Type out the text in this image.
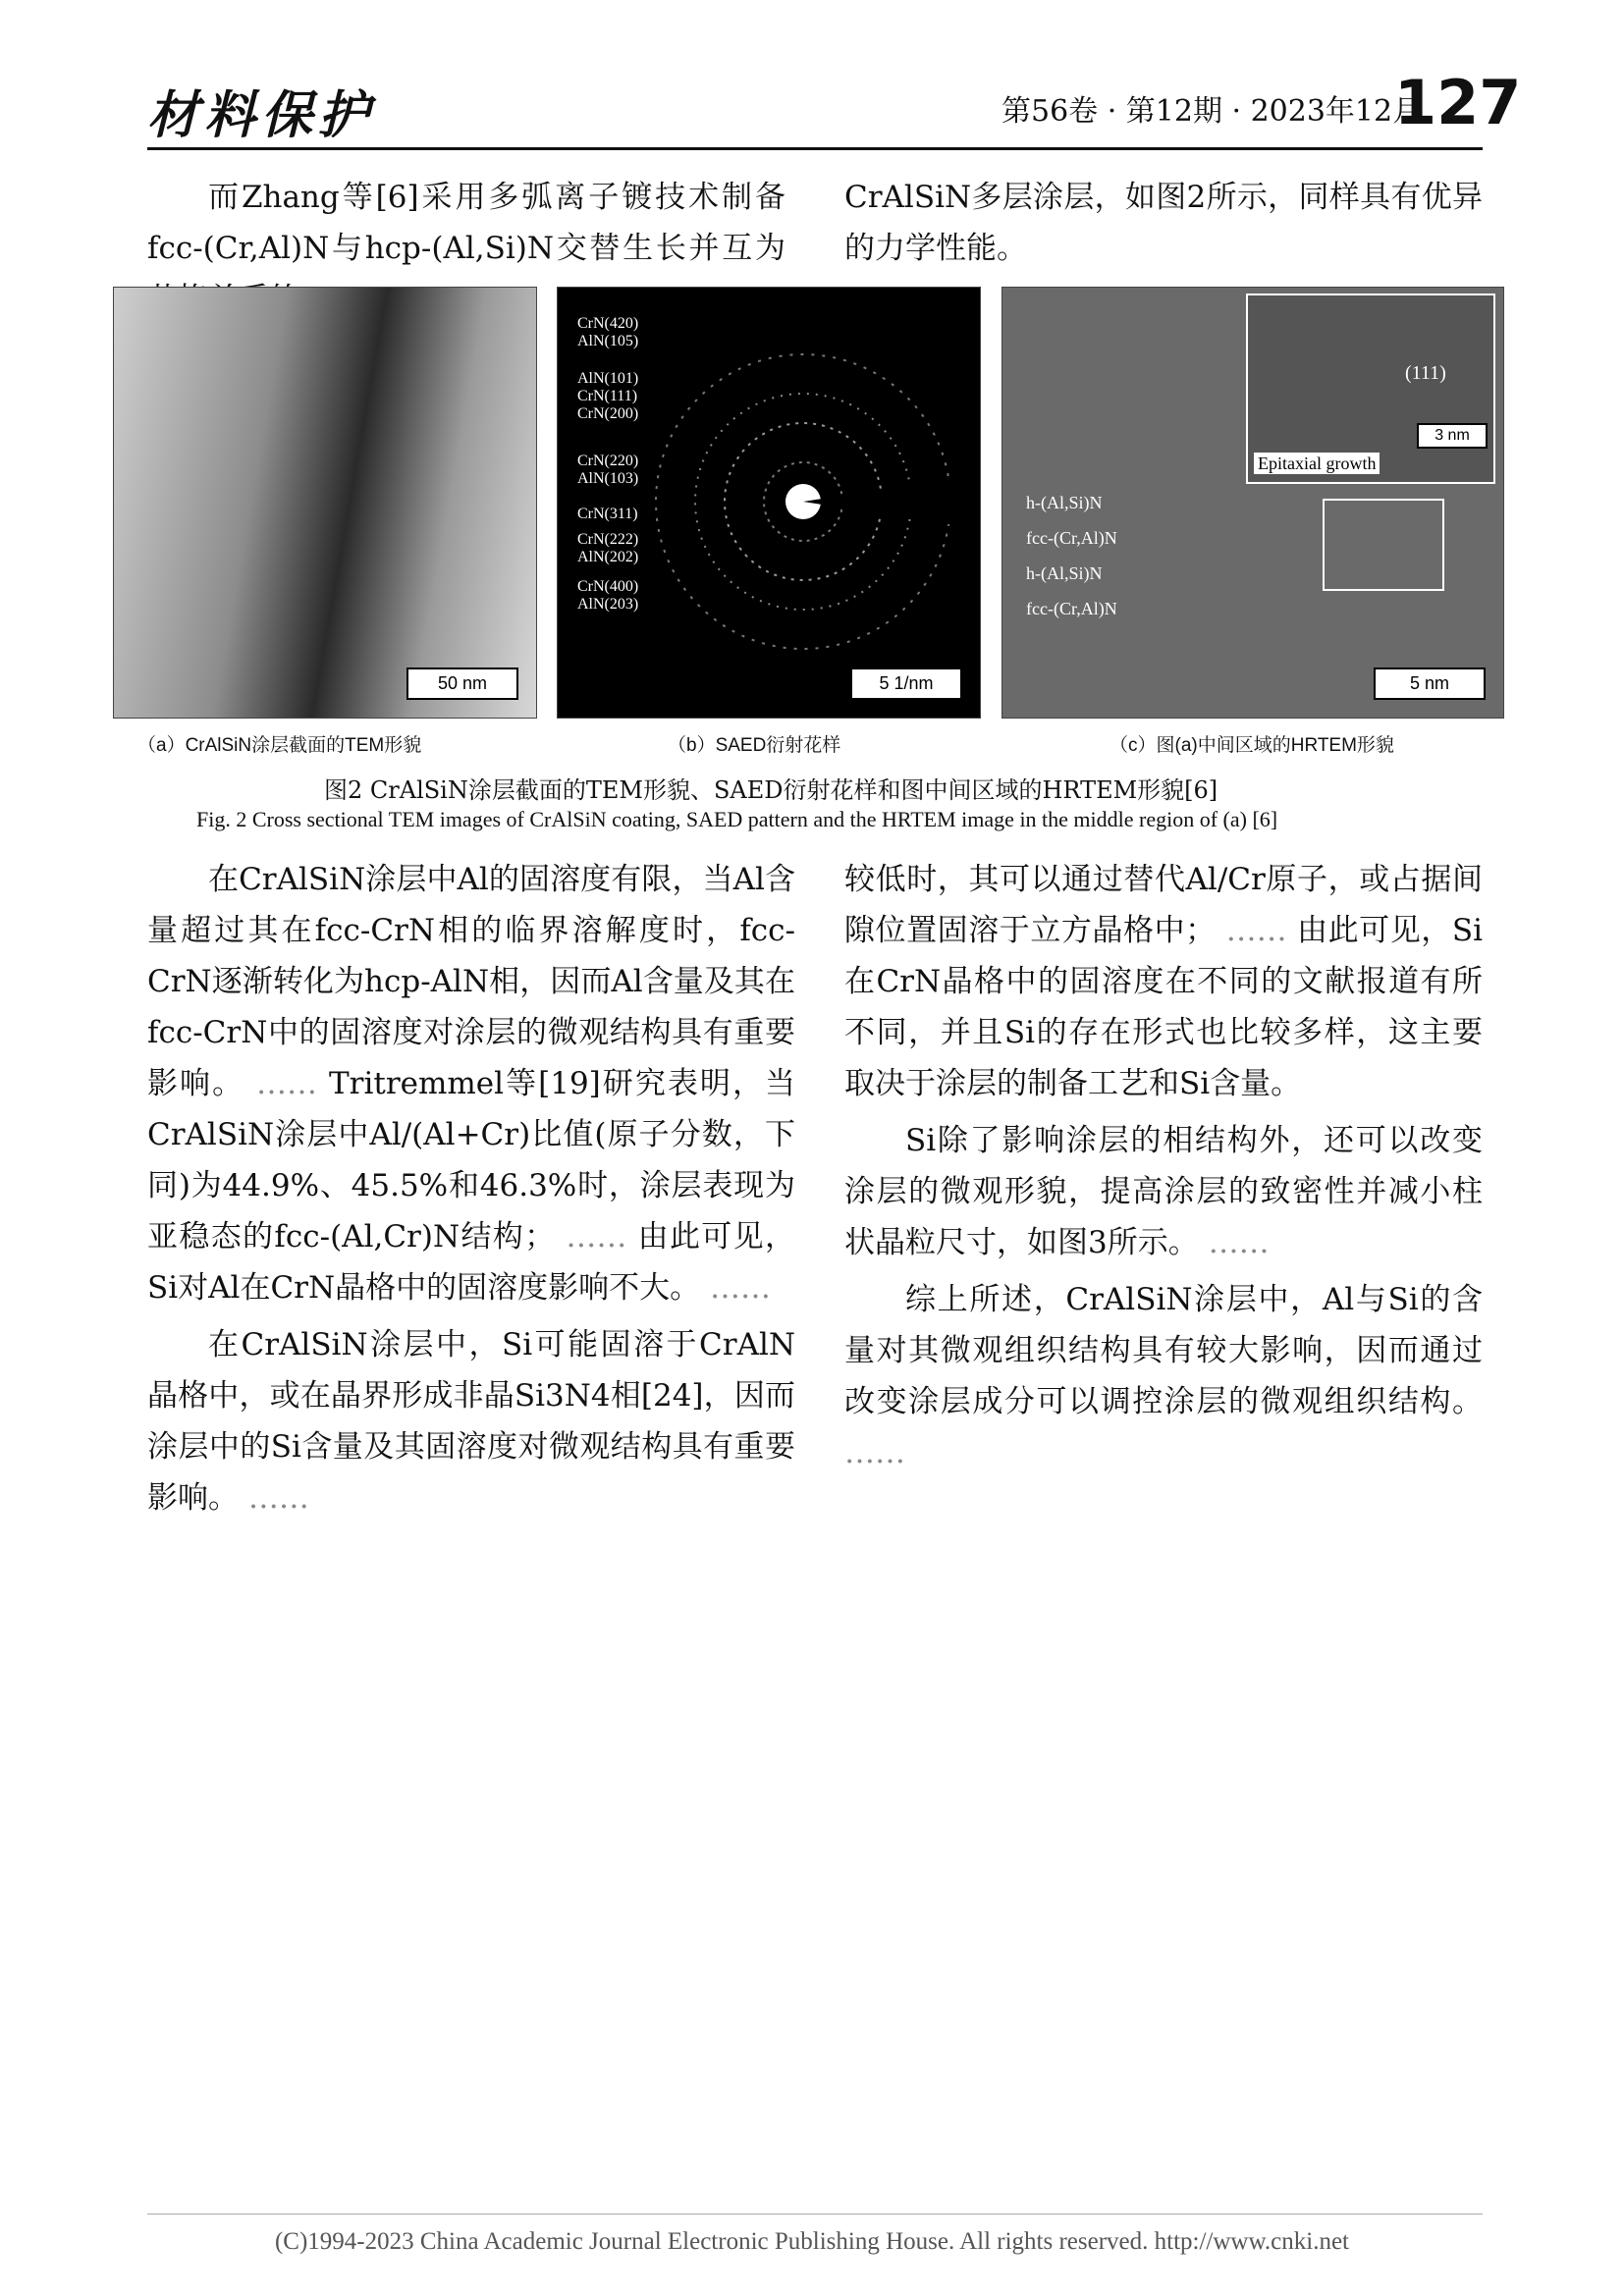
材料保护	第56卷 · 第12期 · 2023年12月
127
而Zhang等[6]采用多弧离子镀技术制备fcc-(Cr,Al)N与hcp-(Al,Si)N交替生长并互为
CrAlSiN多层涂层，如图2所示，同样具有优异的力学性能。
50 nm
CrN(420)
AlN(105)
AlN(101)
CrN(111)
CrN(200)
CrN(220)
AlN(103)
CrN(311)
CrN(222)
AlN(202)
CrN(400)
AlN(203)
5 1/nm
(111)
Epitaxial growth
3 nm
h-(Al,Si)N
fcc-(Cr,Al)N
h-(Al,Si)N
fcc-(Cr,Al)N
5 nm
（a）CrAlSiN涂层截面的TEM形貌	（b）SAED衍射花样	（c）图(a)中间区域的HRTEM形貌
图2 CrAlSiN涂层截面的TEM形貌、SAED衍射花样和图中间区域的HRTEM形貌[6]
Fig. 2 Cross sectional TEM images of CrAlSiN coating, SAED pattern and the HRTEM image in the middle region of (a) [6]

在CrAlSiN涂层中Al的固溶度有限，当Al含量超过其在fcc-CrN相的临界溶解度时，fcc-CrN逐渐转化为hcp-AlN相，因而Al含量及其在fcc-CrN中的固溶度对涂层的微观结构具有重要影响。 …… Tritremmel等[19]研究表明，当CrAlSiN涂层中Al/(Al+Cr)比值(原子分数，下同)为44.9%、45.5%和46.3%时，涂层表现为亚稳态的fcc-(Al,Cr)N结构； …… 由此可见，Si对Al在CrN晶格中的固溶度影响不大。 ……

在CrAlSiN涂层中，Si可能固溶于CrAlN晶格中，或在晶界形成非晶Si3N4相[24]，因而涂层中的Si含量及其固溶度对微观结构具有重要影响。 ……

较低时，其可以通过替代Al/Cr原子，或占据间隙位置固溶于立方晶格中； …… 由此可见，Si在CrN晶格中的固溶度在不同的文献报道有所不同，并且Si的存在形式也比较多样，这主要取决于涂层的制备工艺和Si含量。

Si除了影响涂层的相结构外，还可以改变涂层的微观形貌，提高涂层的致密性并减小柱状晶粒尺寸，如图3所示。 ……

综上所述，CrAlSiN涂层中，Al与Si的含量对其微观组织结构具有较大影响，因而通过改变涂层成分可以调控涂层的微观组织结构。 ……

(C)1994-2023 China Academic Journal Electronic Publishing House. All rights reserved. http://www.cnki.net
